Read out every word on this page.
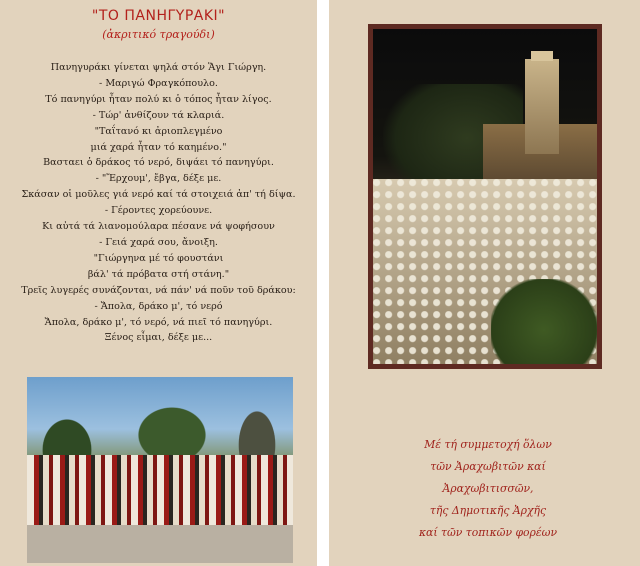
"ΤΟ ΠΑΝΗΓΥΡΑΚΙ"
(ἀκριτικό τραγούδι)
Πανηγυράκι γίνεται ψηλά στόν Ἅγι Γιώργη.
- Μαριγώ Φραγκόπουλο.
Τό πανηγύρι ἦταν πολύ κι ὁ τόπος ἦταν λίγος.
- Τώρ' ἀνθίζουν τά κλαριά.
"Ταΐτανό κι ἀριοπλεγμένο
μιά χαρά ἦταν τό καημένο."
Βασταει ὁ δράκος τό νερό, διψάει τό πανηγύρι.
- "Ἔρχουμ', ἔβγα, δέξε με.
Σκάσαν οἱ μοῦλες γιά νερό καί τά στοιχειά ἀπ' τή δίψα.
- Γέροντες χορεύουνε.
Κι αὐτά τά λιανομούλαρα πέσανε νά ψοφήσουν
- Γειά χαρά σου, ἄνοιξη.
"Γιώργηνα μέ τό φουστάνι
βάλ' τά πρόβατα στή στάνη."
Τρεῖς λυγερές συνάζονται, νά πάν' νά ποῦν τοῦ δράκου:
- Ἄπολα, δράκο μ', τό νερό
Ἄπολα, δράκο μ', τό νερό, νά πιεῖ τό πανηγύρι.
Ξένος εἶμαι, δέξε με...
Μέ τή συμμετοχή ὅλων
τῶν Ἀραχωβιτῶν καί
Ἀραχωβιτισσῶν,
τῆς Δημοτικῆς Ἀρχῆς
καί τῶν τοπικῶν φορέων
